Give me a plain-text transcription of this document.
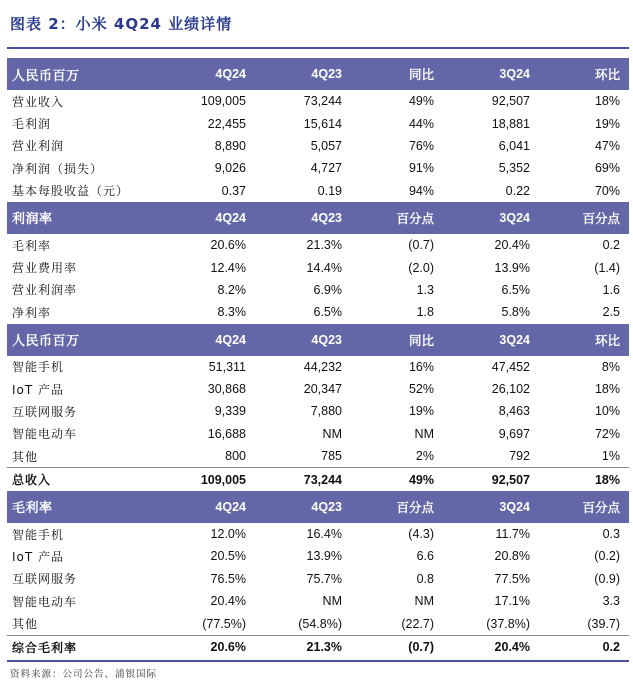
图表 2：小米 4Q24 业绩详情
人民币百万	4Q24	4Q23	同比	3Q24	环比
营业收入	109,005	73,244	49%	92,507	18%
毛利润	22,455	15,614	44%	18,881	19%
营业利润	8,890	5,057	76%	6,041	47%
净利润（损失）	9,026	4,727	91%	5,352	69%
基本每股收益（元）	0.37	0.19	94%	0.22	70%
利润率	4Q24	4Q23	百分点	3Q24	百分点
毛利率	20.6%	21.3%	(0.7)	20.4%	0.2
营业费用率	12.4%	14.4%	(2.0)	13.9%	(1.4)
营业利润率	8.2%	6.9%	1.3	6.5%	1.6
净利率	8.3%	6.5%	1.8	5.8%	2.5
人民币百万	4Q24	4Q23	同比	3Q24	环比
智能手机	51,311	44,232	16%	47,452	8%
IoT 产品	30,868	20,347	52%	26,102	18%
互联网服务	9,339	7,880	19%	8,463	10%
智能电动车	16,688	NM	NM	9,697	72%
其他	800	785	2%	792	1%
总收入	109,005	73,244	49%	92,507	18%
毛利率	4Q24	4Q23	百分点	3Q24	百分点
智能手机	12.0%	16.4%	(4.3)	11.7%	0.3
IoT 产品	20.5%	13.9%	6.6	20.8%	(0.2)
互联网服务	76.5%	75.7%	0.8	77.5%	(0.9)
智能电动车	20.4%	NM	NM	17.1%	3.3
其他	(77.5%)	(54.8%)	(22.7)	(37.8%)	(39.7)
综合毛利率	20.6%	21.3%	(0.7)	20.4%	0.2
资料来源：公司公告、浦银国际
